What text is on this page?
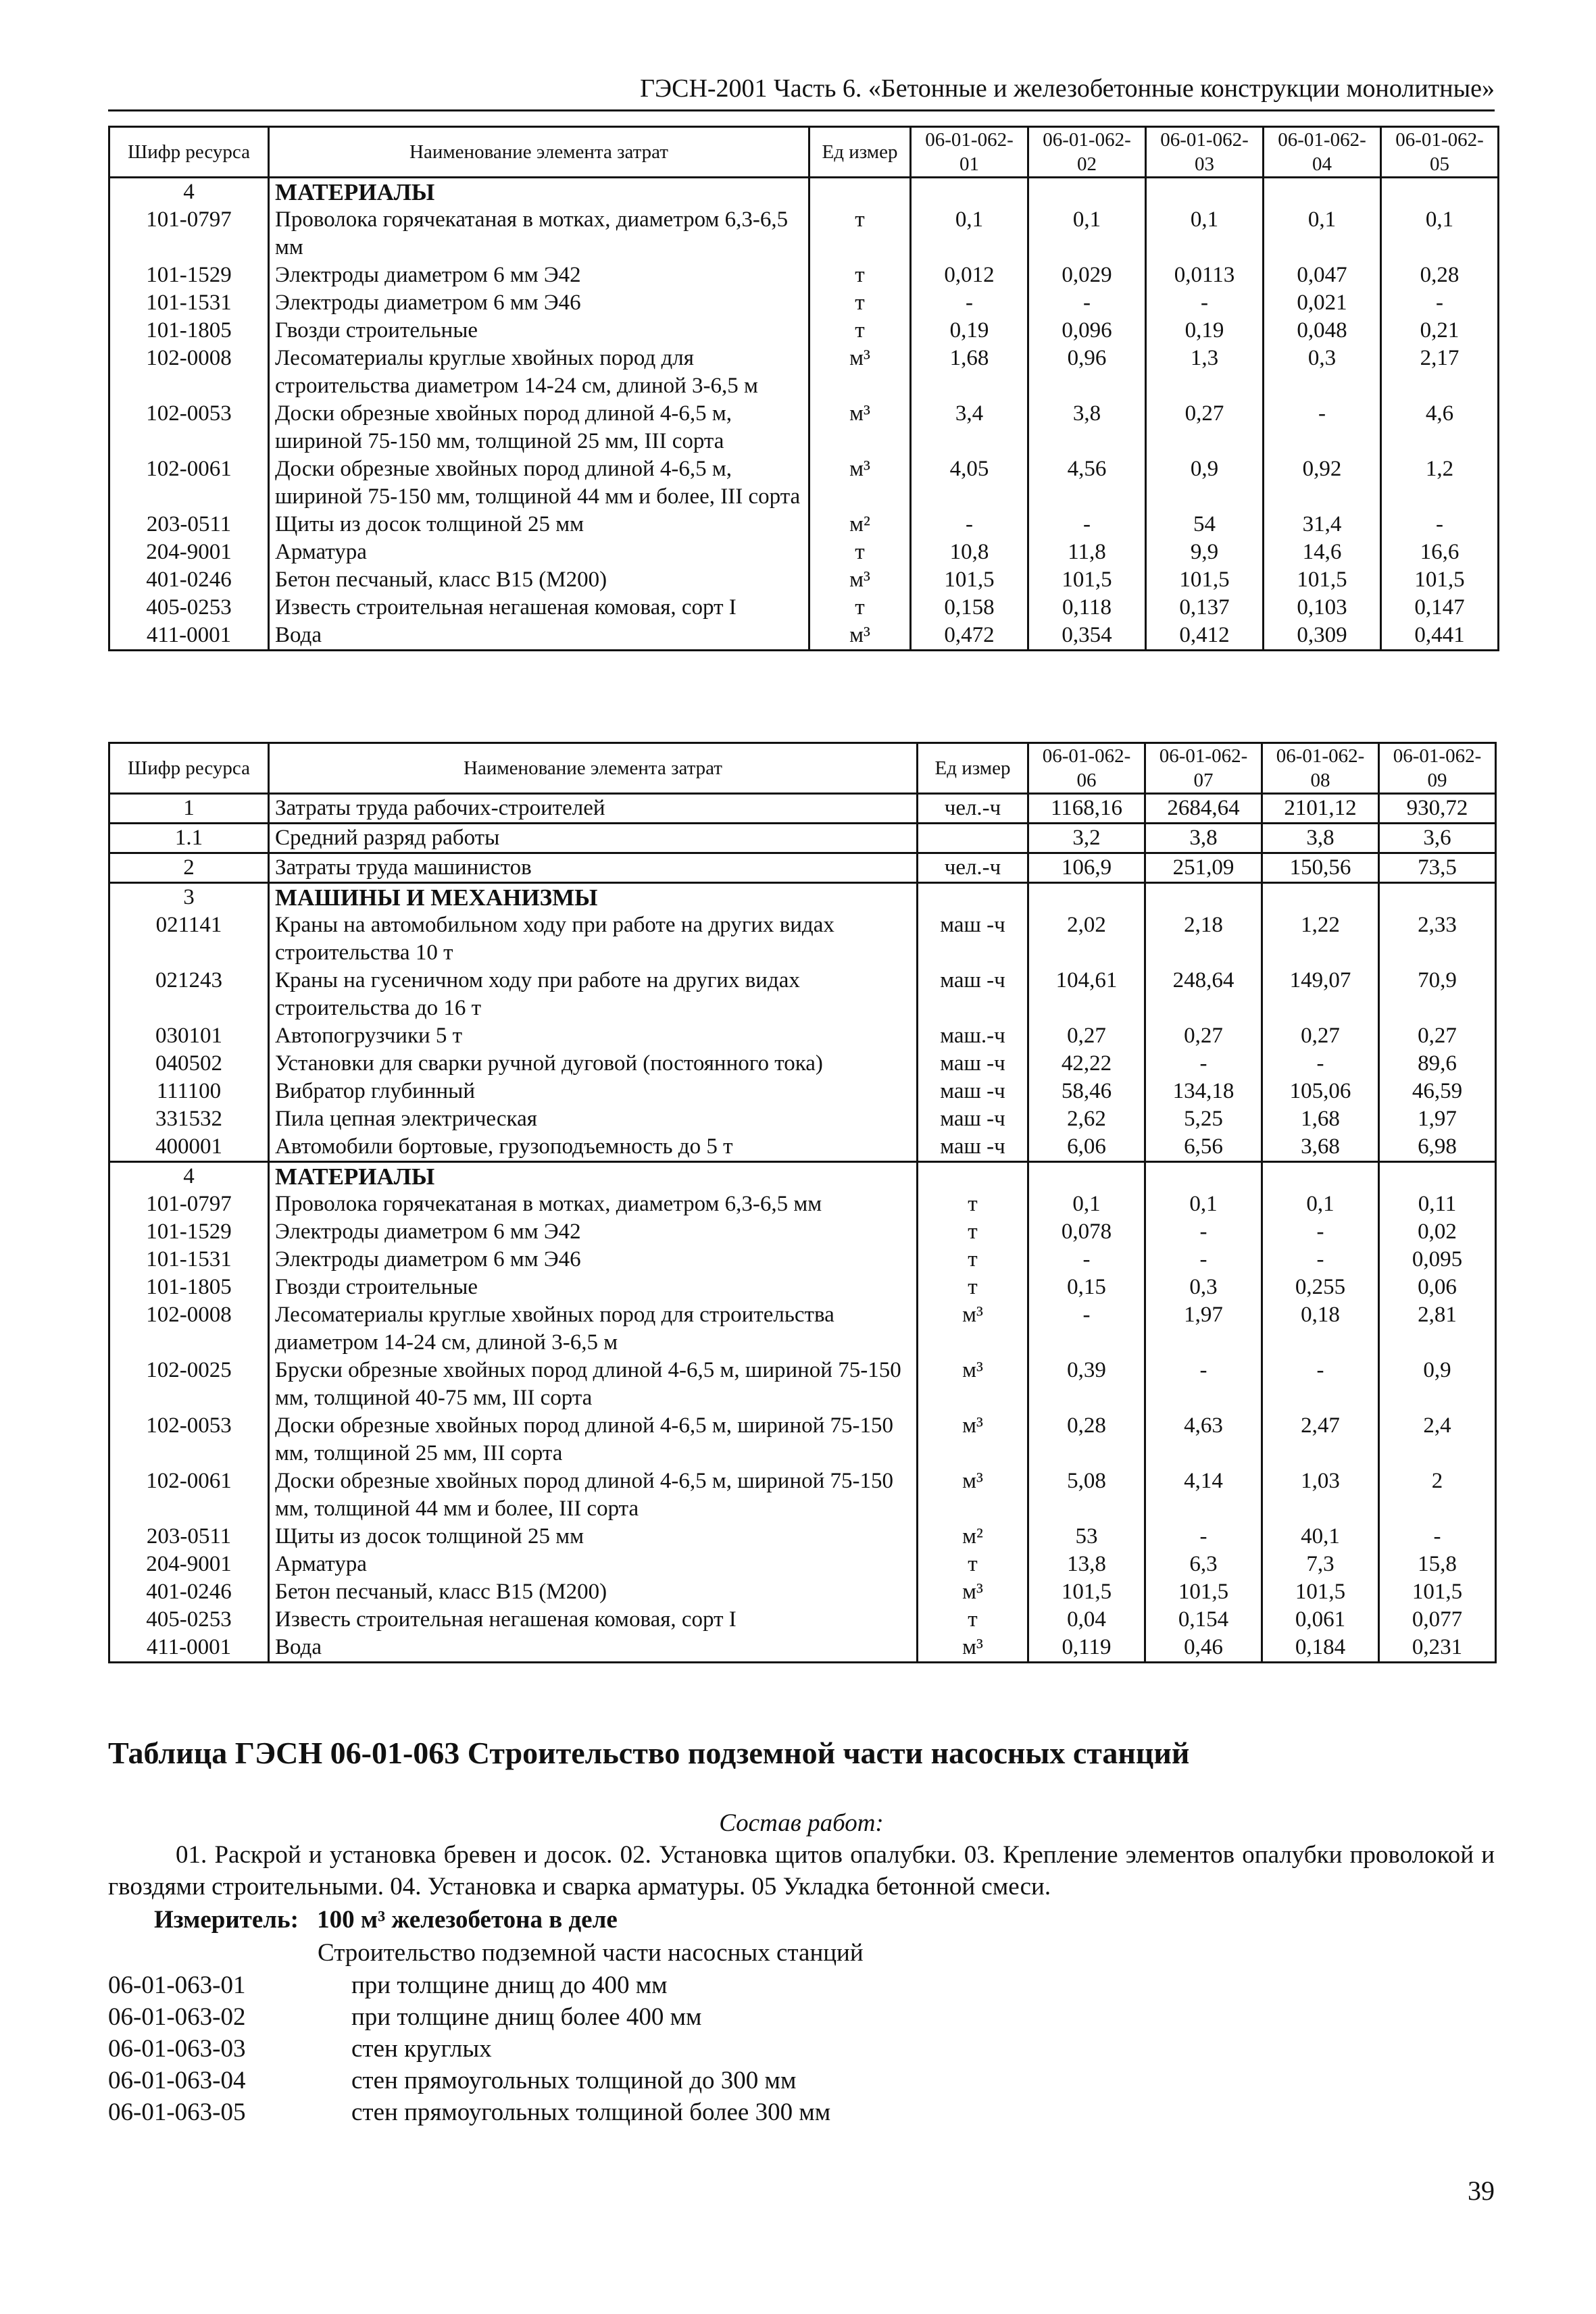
ГЭСН-2001 Часть 6. «Бетонные и железобетонные конструкции монолитные»
Шифр ресурса	Наименование элемента затрат	Ед измер	06-01-062-01	06-01-062-02	06-01-062-03	06-01-062-04	06-01-062-05
4	МАТЕРИАЛЫ						
101-0797	Проволока горячекатаная в мотках, диаметром 6,3-6,5 мм	т	0,1	0,1	0,1	0,1	0,1
101-1529	Электроды диаметром 6 мм Э42	т	0,012	0,029	0,0113	0,047	0,28
101-1531	Электроды диаметром 6 мм Э46	т	-	-	-	0,021	-
101-1805	Гвозди строительные	т	0,19	0,096	0,19	0,048	0,21
102-0008	Лесоматериалы круглые хвойных пород для строительства диаметром 14-24 см, длиной 3-6,5 м	м³	1,68	0,96	1,3	0,3	2,17
102-0053	Доски обрезные хвойных пород длиной 4-6,5 м, шириной 75-150 мм, толщиной 25 мм, III сорта	м³	3,4	3,8	0,27	-	4,6
102-0061	Доски обрезные хвойных пород длиной 4-6,5 м, шириной 75-150 мм, толщиной 44 мм и более, III сорта	м³	4,05	4,56	0,9	0,92	1,2
203-0511	Щиты из досок толщиной 25 мм	м²	-	-	54	31,4	-
204-9001	Арматура	т	10,8	11,8	9,9	14,6	16,6
401-0246	Бетон песчаный, класс В15 (М200)	м³	101,5	101,5	101,5	101,5	101,5
405-0253	Известь строительная негашеная комовая, сорт I	т	0,158	0,118	0,137	0,103	0,147
411-0001	Вода	м³	0,472	0,354	0,412	0,309	0,441
Шифр ресурса	Наименование элемента затрат	Ед измер	06-01-062-06	06-01-062-07	06-01-062-08	06-01-062-09
1	Затраты труда рабочих-строителей	чел.-ч	1168,16	2684,64	2101,12	930,72
1.1	Средний разряд работы		3,2	3,8	3,8	3,6
2	Затраты труда машинистов	чел.-ч	106,9	251,09	150,56	73,5
3	МАШИНЫ И МЕХАНИЗМЫ					
021141	Краны на автомобильном ходу при работе на других видах строительства 10 т	маш -ч	2,02	2,18	1,22	2,33
021243	Краны на гусеничном ходу при работе на других видах строительства до 16 т	маш -ч	104,61	248,64	149,07	70,9
030101	Автопогрузчики 5 т	маш.-ч	0,27	0,27	0,27	0,27
040502	Установки для сварки ручной дуговой (постоянного тока)	маш -ч	42,22	-	-	89,6
111100	Вибратор глубинный	маш -ч	58,46	134,18	105,06	46,59
331532	Пила цепная электрическая	маш -ч	2,62	5,25	1,68	1,97
400001	Автомобили бортовые, грузоподъемность до 5 т	маш -ч	6,06	6,56	3,68	6,98
4	МАТЕРИАЛЫ					
101-0797	Проволока горячекатаная в мотках, диаметром 6,3-6,5 мм	т	0,1	0,1	0,1	0,11
101-1529	Электроды диаметром 6 мм Э42	т	0,078	-	-	0,02
101-1531	Электроды диаметром 6 мм Э46	т	-	-	-	0,095
101-1805	Гвозди строительные	т	0,15	0,3	0,255	0,06
102-0008	Лесоматериалы круглые хвойных пород для строительства диаметром 14-24 см, длиной 3-6,5 м	м³	-	1,97	0,18	2,81
102-0025	Бруски обрезные хвойных пород длиной 4-6,5 м, шириной 75-150 мм, толщиной 40-75 мм, III сорта	м³	0,39	-	-	0,9
102-0053	Доски обрезные хвойных пород длиной 4-6,5 м, шириной 75-150 мм, толщиной 25 мм, III сорта	м³	0,28	4,63	2,47	2,4
102-0061	Доски обрезные хвойных пород длиной 4-6,5 м, шириной 75-150 мм, толщиной 44 мм и более, III сорта	м³	5,08	4,14	1,03	2
203-0511	Щиты из досок толщиной 25 мм	м²	53	-	40,1	-
204-9001	Арматура	т	13,8	6,3	7,3	15,8
401-0246	Бетон песчаный, класс В15 (М200)	м³	101,5	101,5	101,5	101,5
405-0253	Известь строительная негашеная комовая, сорт I	т	0,04	0,154	0,061	0,077
411-0001	Вода	м³	0,119	0,46	0,184	0,231
Таблица ГЭСН 06-01-063 Строительство подземной части насосных станций
Состав работ:
01. Раскрой и установка бревен и досок. 02. Установка щитов опалубки. 03. Крепление элементов опалубки проволокой и гвоздями строительными. 04. Установка и сварка арматуры. 05 Укладка бетонной смеси.
Измеритель: 100 м³ железобетона в деле
Строительство подземной части насосных станций
06-01-063-01	при толщине днищ до 400 мм
06-01-063-02	при толщине днищ более 400 мм
06-01-063-03	стен круглых
06-01-063-04	стен прямоугольных толщиной до 300 мм
06-01-063-05	стен прямоугольных толщиной более 300 мм
39
